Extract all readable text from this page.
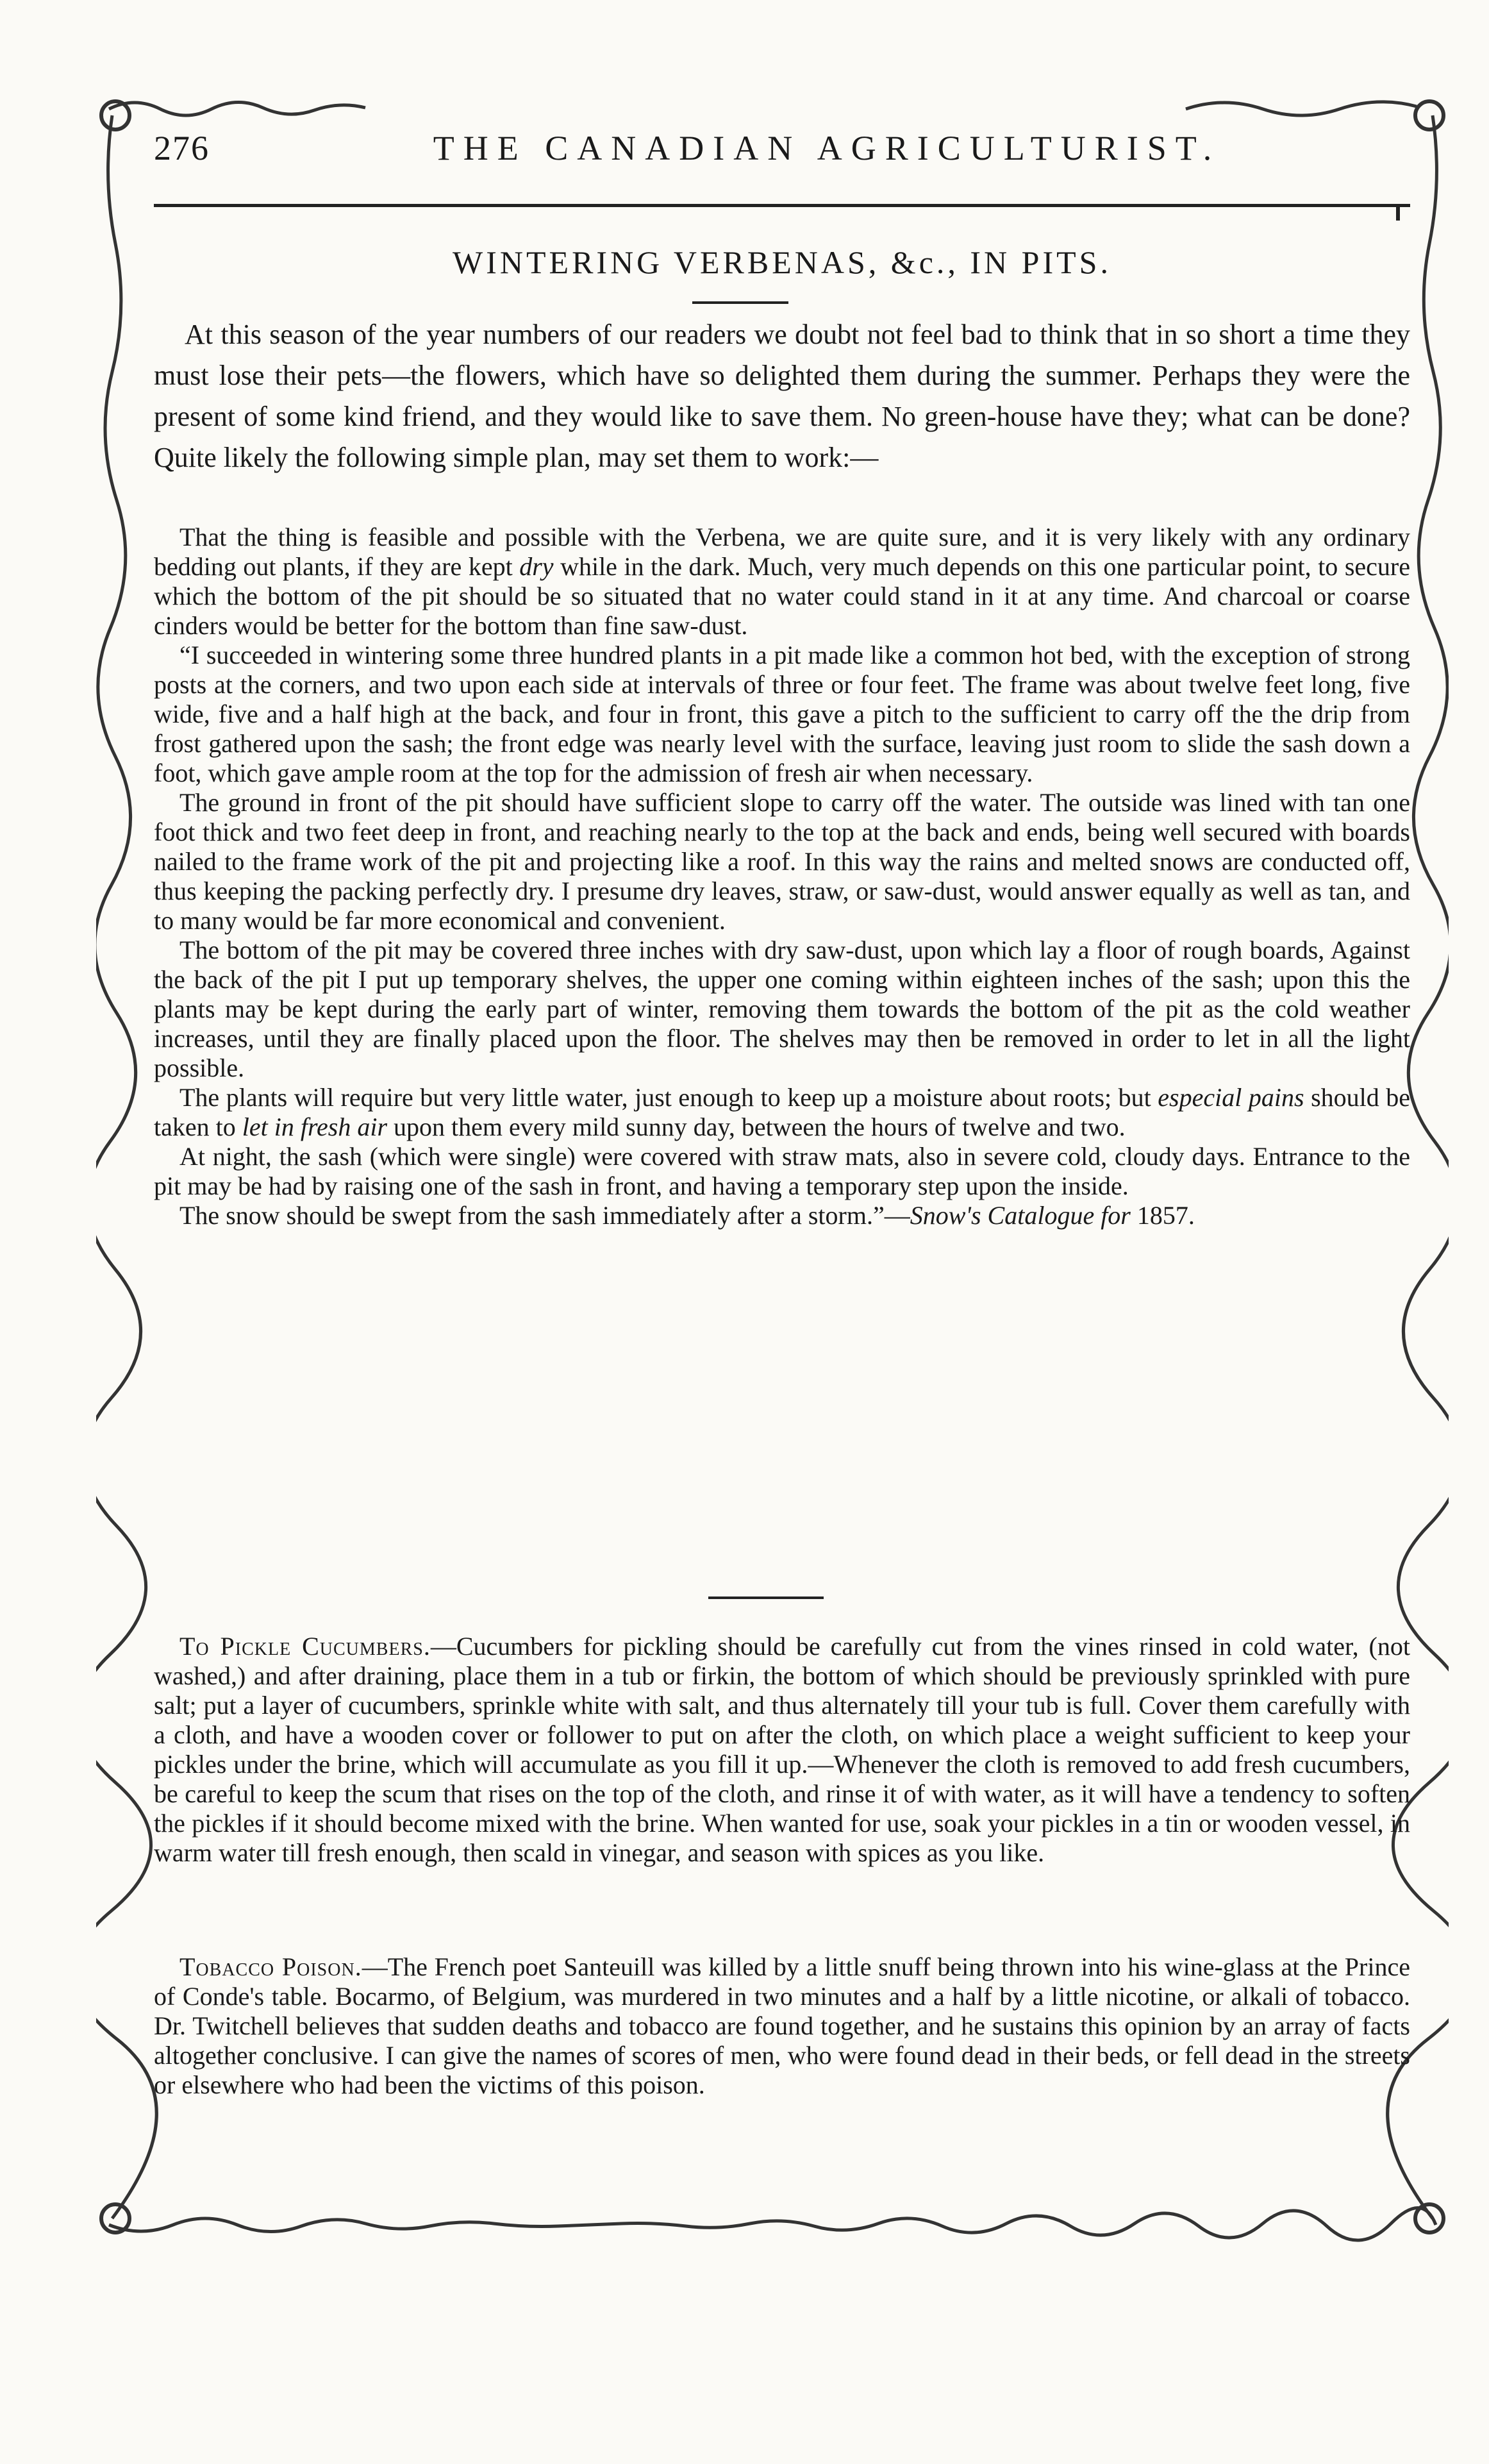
276	THE CANADIAN AGRICULTURIST.
WINTERING VERBENAS, &c., IN PITS.

At this season of the year numbers of our readers we doubt not feel bad to think that in so short a time they must lose their pets—the flowers, which have so delighted them during the summer. Perhaps they were the present of some kind friend, and they would like to save them. No green-house have they; what can be done? Quite likely the following simple plan, may set them to work:—

That the thing is feasible and possible with the Verbena, we are quite sure, and it is very likely with any ordinary bedding out plants, if they are kept dry while in the dark. Much, very much depends on this one particular point, to secure which the bottom of the pit should be so situated that no water could stand in it at any time. And charcoal or coarse cinders would be better for the bottom than fine saw-dust.

“I succeeded in wintering some three hundred plants in a pit made like a common hot bed, with the exception of strong posts at the corners, and two upon each side at intervals of three or four feet. The frame was about twelve feet long, five wide, five and a half high at the back, and four in front, this gave a pitch to the sufficient to carry off the the drip from frost gathered upon the sash; the front edge was nearly level with the surface, leaving just room to slide the sash down a foot, which gave ample room at the top for the admission of fresh air when necessary.

The ground in front of the pit should have sufficient slope to carry off the water. The outside was lined with tan one foot thick and two feet deep in front, and reaching nearly to the top at the back and ends, being well secured with boards nailed to the frame work of the pit and projecting like a roof. In this way the rains and melted snows are conducted off, thus keeping the packing perfectly dry. I presume dry leaves, straw, or saw-dust, would answer equally as well as tan, and to many would be far more economical and convenient.

The bottom of the pit may be covered three inches with dry saw-dust, upon which lay a floor of rough boards, Against the back of the pit I put up temporary shelves, the upper one coming within eighteen inches of the sash; upon this the plants may be kept during the early part of winter, removing them towards the bottom of the pit as the cold weather increases, until they are finally placed upon the floor. The shelves may then be removed in order to let in all the light possible.

The plants will require but very little water, just enough to keep up a moisture about roots; but especial pains should be taken to let in fresh air upon them every mild sunny day, between the hours of twelve and two.

At night, the sash (which were single) were covered with straw mats, also in severe cold, cloudy days. Entrance to the pit may be had by raising one of the sash in front, and having a temporary step upon the inside.

The snow should be swept from the sash immediately after a storm.”—Snow's Catalogue for 1857.

To Pickle Cucumbers.—Cucumbers for pickling should be carefully cut from the vines rinsed in cold water, (not washed,) and after draining, place them in a tub or firkin, the bottom of which should be previously sprinkled with pure salt; put a layer of cucumbers, sprinkle white with salt, and thus alternately till your tub is full. Cover them carefully with a cloth, and have a wooden cover or follower to put on after the cloth, on which place a weight sufficient to keep your pickles under the brine, which will accumulate as you fill it up.—Whenever the cloth is removed to add fresh cucumbers, be careful to keep the scum that rises on the top of the cloth, and rinse it of with water, as it will have a tendency to soften the pickles if it should become mixed with the brine. When wanted for use, soak your pickles in a tin or wooden vessel, in warm water till fresh enough, then scald in vinegar, and season with spices as you like.

Tobacco Poison.—The French poet Santeuill was killed by a little snuff being thrown into his wine-glass at the Prince of Conde's table. Bocarmo, of Belgium, was murdered in two minutes and a half by a little nicotine, or alkali of tobacco. Dr. Twitchell believes that sudden deaths and tobacco are found together, and he sustains this opinion by an array of facts altogether conclusive. I can give the names of scores of men, who were found dead in their beds, or fell dead in the streets or elsewhere who had been the victims of this poison.
